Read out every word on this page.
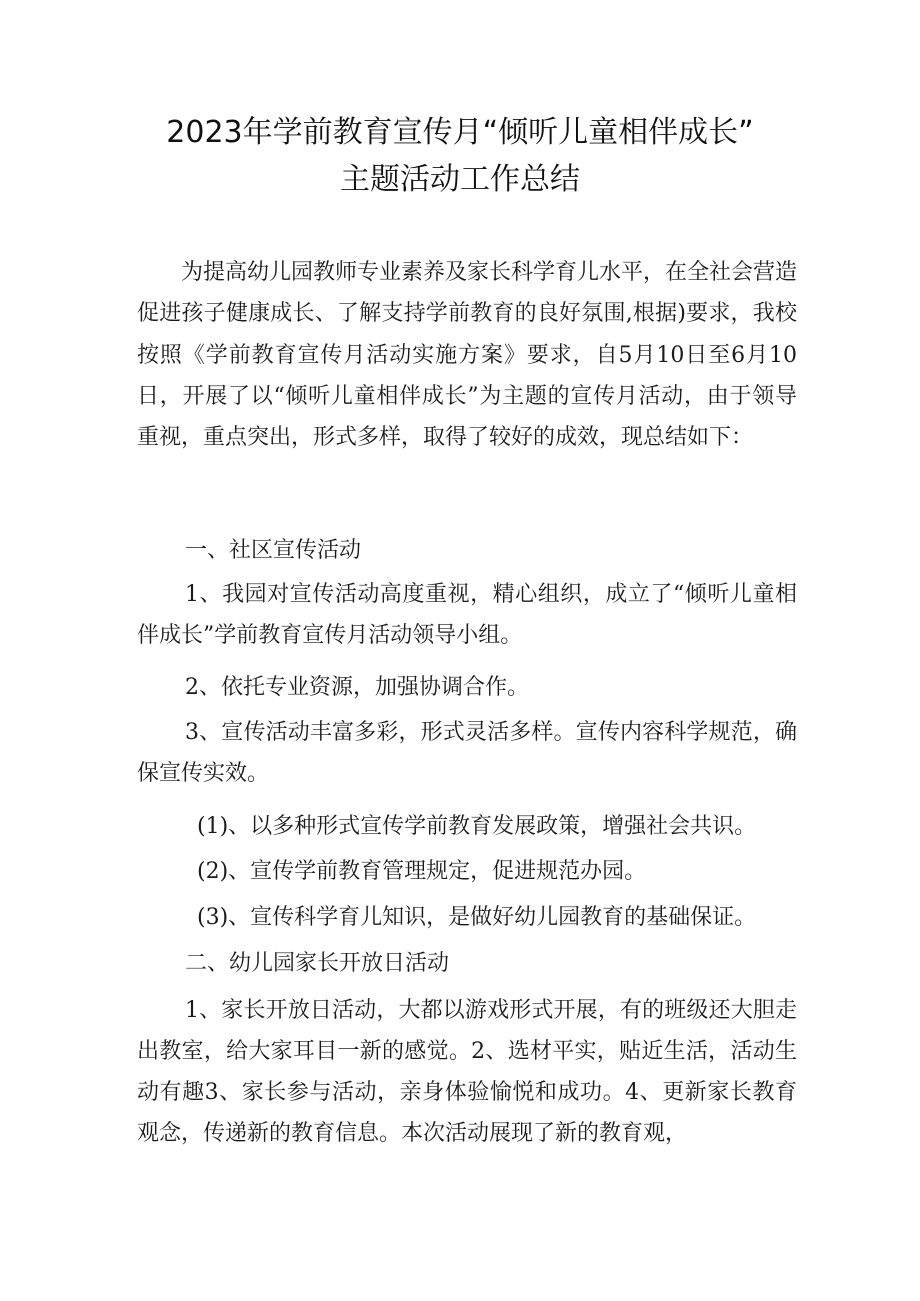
2023年学前教育宣传月“倾听儿童相伴成长”
主题活动工作总结

为提高幼儿园教师专业素养及家长科学育儿水平，在全社会营造促进孩子健康成长、了解支持学前教育的良好氛围,根据)要求，我校按照《学前教育宣传月活动实施方案》要求，自5月10日至6月10日，开展了以“倾听儿童相伴成长”为主题的宣传月活动，由于领导重视，重点突出，形式多样，取得了较好的成效，现总结如下：

一、社区宣传活动

1、我园对宣传活动高度重视，精心组织，成立了“倾听儿童相伴成长”学前教育宣传月活动领导小组。

2、依托专业资源，加强协调合作。

3、宣传活动丰富多彩，形式灵活多样。宣传内容科学规范，确保宣传实效。

(1)、以多种形式宣传学前教育发展政策，增强社会共识。

(2)、宣传学前教育管理规定，促进规范办园。

(3)、宣传科学育儿知识，是做好幼儿园教育的基础保证。

二、幼儿园家长开放日活动

1、家长开放日活动，大都以游戏形式开展，有的班级还大胆走出教室，给大家耳目一新的感觉。2、选材平实，贴近生活，活动生动有趣3、家长参与活动，亲身体验愉悦和成功。4、更新家长教育观念，传递新的教育信息。本次活动展现了新的教育观，
